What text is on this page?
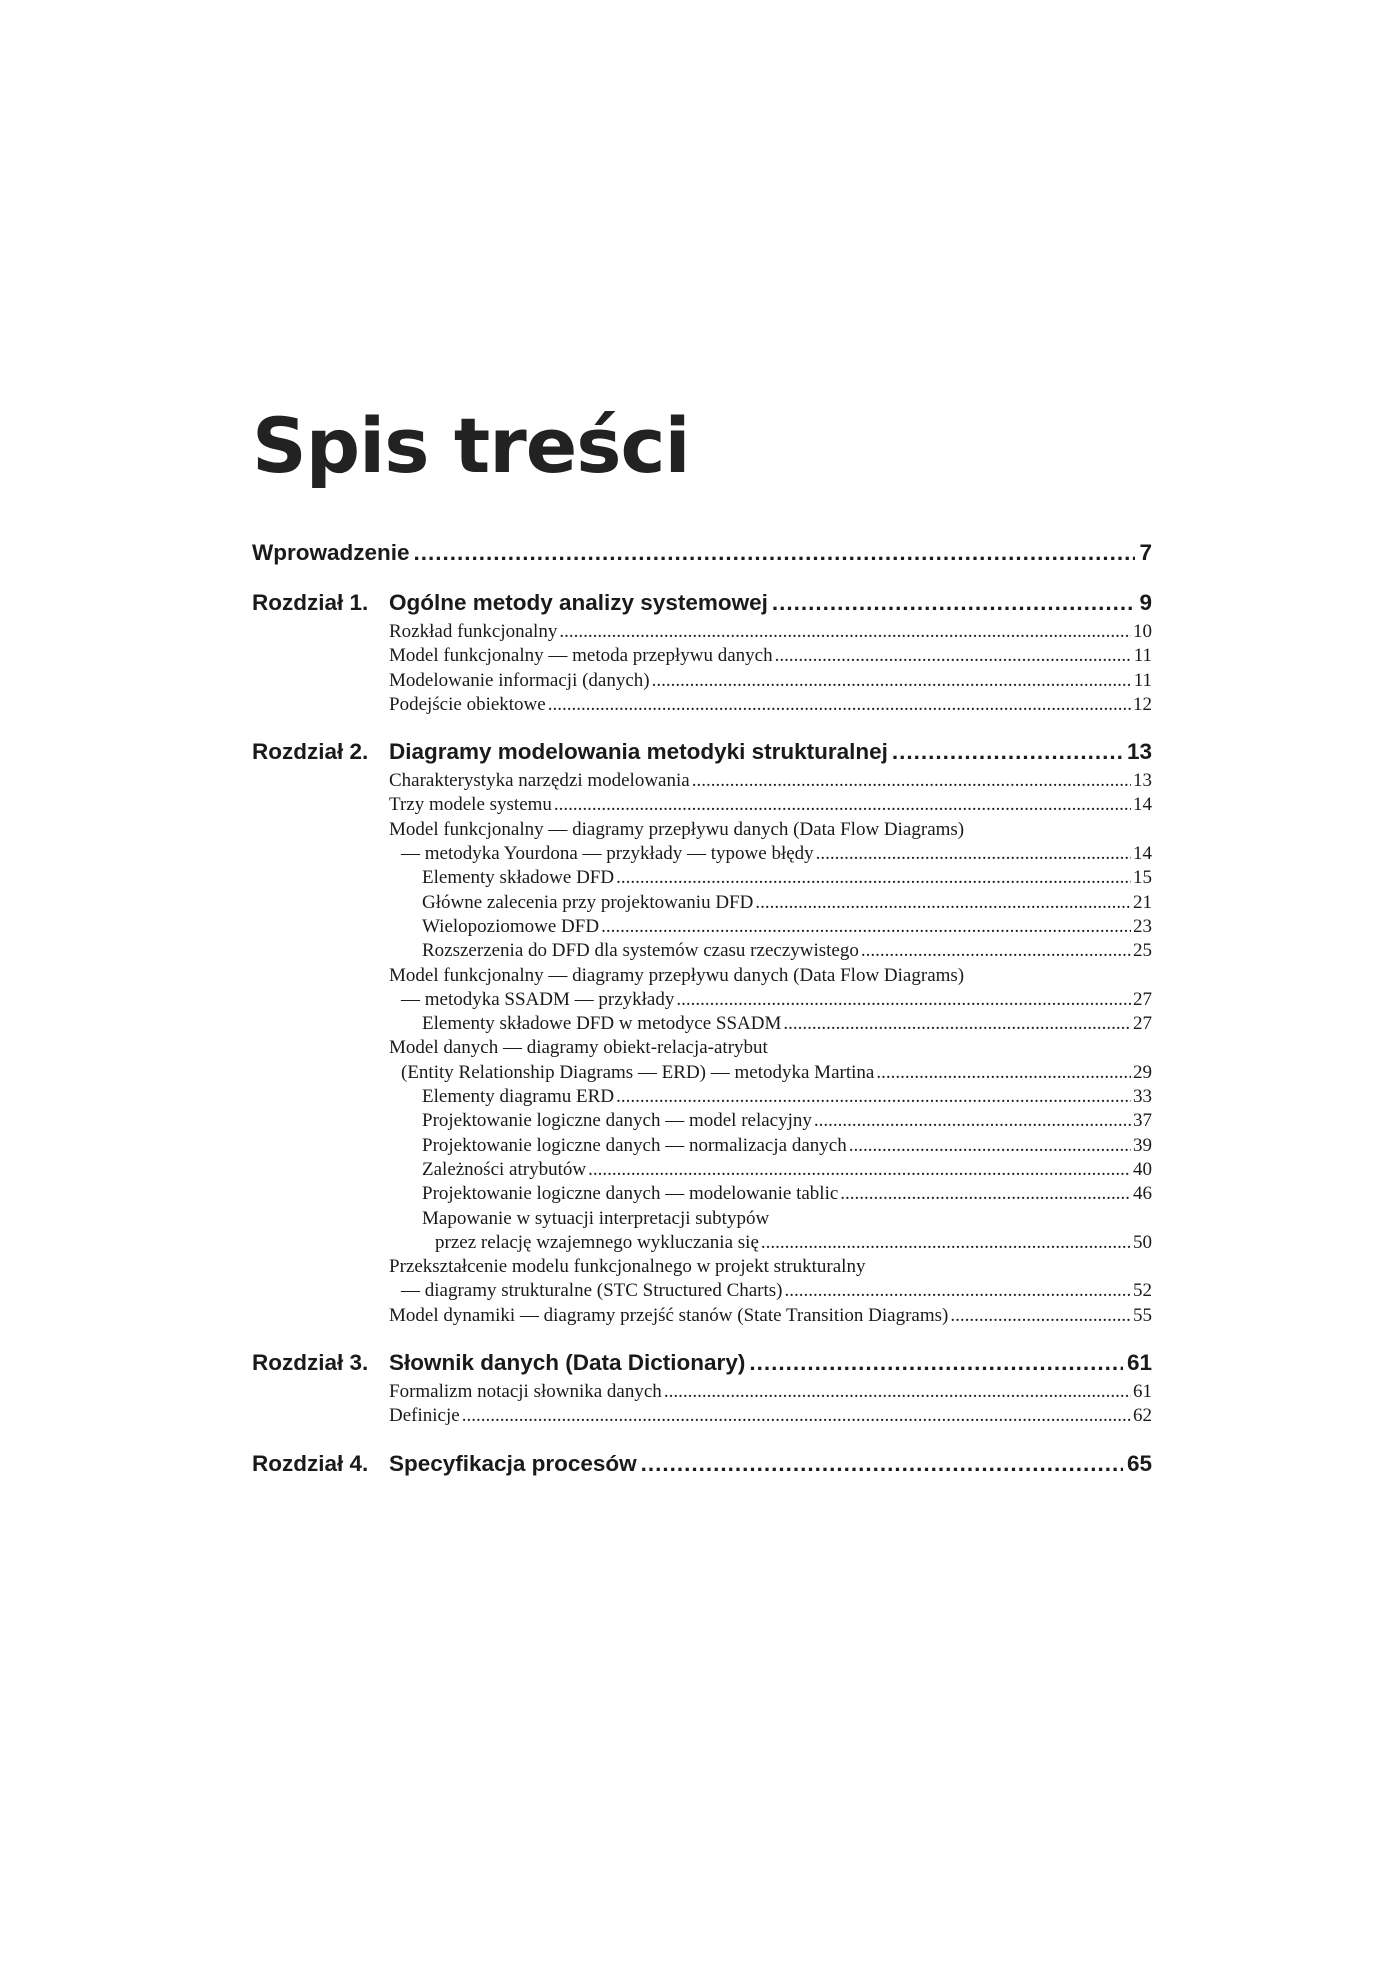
Spis treści
Wprowadzenie .....	7
Rozdział 1. Ogólne metody analizy systemowej .....	9
Rozkład funkcjonalny .....	10
Model funkcjonalny — metoda przepływu danych .....	11
Modelowanie informacji (danych) .....	11
Podejście obiektowe .....	12
Rozdział 2. Diagramy modelowania metodyki strukturalnej .....	13
Charakterystyka narzędzi modelowania .....	13
Trzy modele systemu .....	14
Model funkcjonalny — diagramy przepływu danych (Data Flow Diagrams)
— metodyka Yourdona — przykłady — typowe błędy .....	14
Elementy składowe DFD .....	15
Główne zalecenia przy projektowaniu DFD .....	21
Wielopoziomowe DFD .....	23
Rozszerzenia do DFD dla systemów czasu rzeczywistego .....	25
Model funkcjonalny — diagramy przepływu danych (Data Flow Diagrams)
— metodyka SSADM — przykłady .....	27
Elementy składowe DFD w metodyce SSADM .....	27
Model danych — diagramy obiekt-relacja-atrybut
(Entity Relationship Diagrams — ERD) — metodyka Martina .....	29
Elementy diagramu ERD .....	33
Projektowanie logiczne danych — model relacyjny .....	37
Projektowanie logiczne danych — normalizacja danych .....	39
Zależności atrybutów .....	40
Projektowanie logiczne danych — modelowanie tablic .....	46
Mapowanie w sytuacji interpretacji subtypów
przez relację wzajemnego wykluczania się .....	50
Przekształcenie modelu funkcjonalnego w projekt strukturalny
— diagramy strukturalne (STC Structured Charts) .....	52
Model dynamiki — diagramy przejść stanów (State Transition Diagrams) .....	55
Rozdział 3. Słownik danych (Data Dictionary) .....	61
Formalizm notacji słownika danych .....	61
Definicje .....	62
Rozdział 4. Specyfikacja procesów .....	65
